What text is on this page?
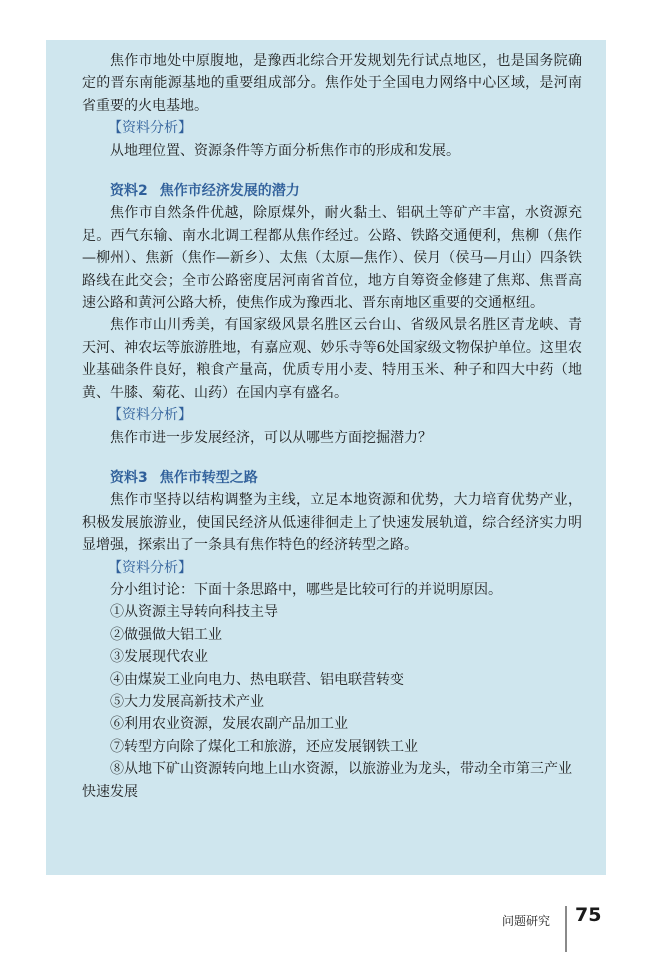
焦作市地处中原腹地，是豫西北综合开发规划先行试点地区，也是国务院确定的晋东南能源基地的重要组成部分。焦作处于全国电力网络中心区域，是河南省重要的火电基地。

【资料分析】

从地理位置、资源条件等方面分析焦作市的形成和发展。

资料2 焦作市经济发展的潜力

焦作市自然条件优越，除原煤外，耐火黏土、铝矾土等矿产丰富，水资源充足。西气东输、南水北调工程都从焦作经过。公路、铁路交通便利，焦柳（焦作—柳州）、焦新（焦作—新乡）、太焦（太原—焦作）、侯月（侯马—月山）四条铁路线在此交会；全市公路密度居河南省首位，地方自筹资金修建了焦郑、焦晋高速公路和黄河公路大桥，使焦作成为豫西北、晋东南地区重要的交通枢纽。

焦作市山川秀美，有国家级风景名胜区云台山、省级风景名胜区青龙峡、青天河、神农坛等旅游胜地，有嘉应观、妙乐寺等6处国家级文物保护单位。这里农业基础条件良好，粮食产量高，优质专用小麦、特用玉米、种子和四大中药（地黄、牛膝、菊花、山药）在国内享有盛名。

【资料分析】

焦作市进一步发展经济，可以从哪些方面挖掘潜力？

资料3 焦作市转型之路

焦作市坚持以结构调整为主线，立足本地资源和优势，大力培育优势产业，积极发展旅游业，使国民经济从低速徘徊走上了快速发展轨道，综合经济实力明显增强，探索出了一条具有焦作特色的经济转型之路。

【资料分析】

分小组讨论：下面十条思路中，哪些是比较可行的并说明原因。

①从资源主导转向科技主导
②做强做大铝工业
③发展现代农业
④由煤炭工业向电力、热电联营、铝电联营转变
⑤大力发展高新技术产业
⑥利用农业资源，发展农副产品加工业
⑦转型方向除了煤化工和旅游，还应发展钢铁工业
⑧从地下矿山资源转向地上山水资源，以旅游业为龙头，带动全市第三产业快速发展
问题研究 75
